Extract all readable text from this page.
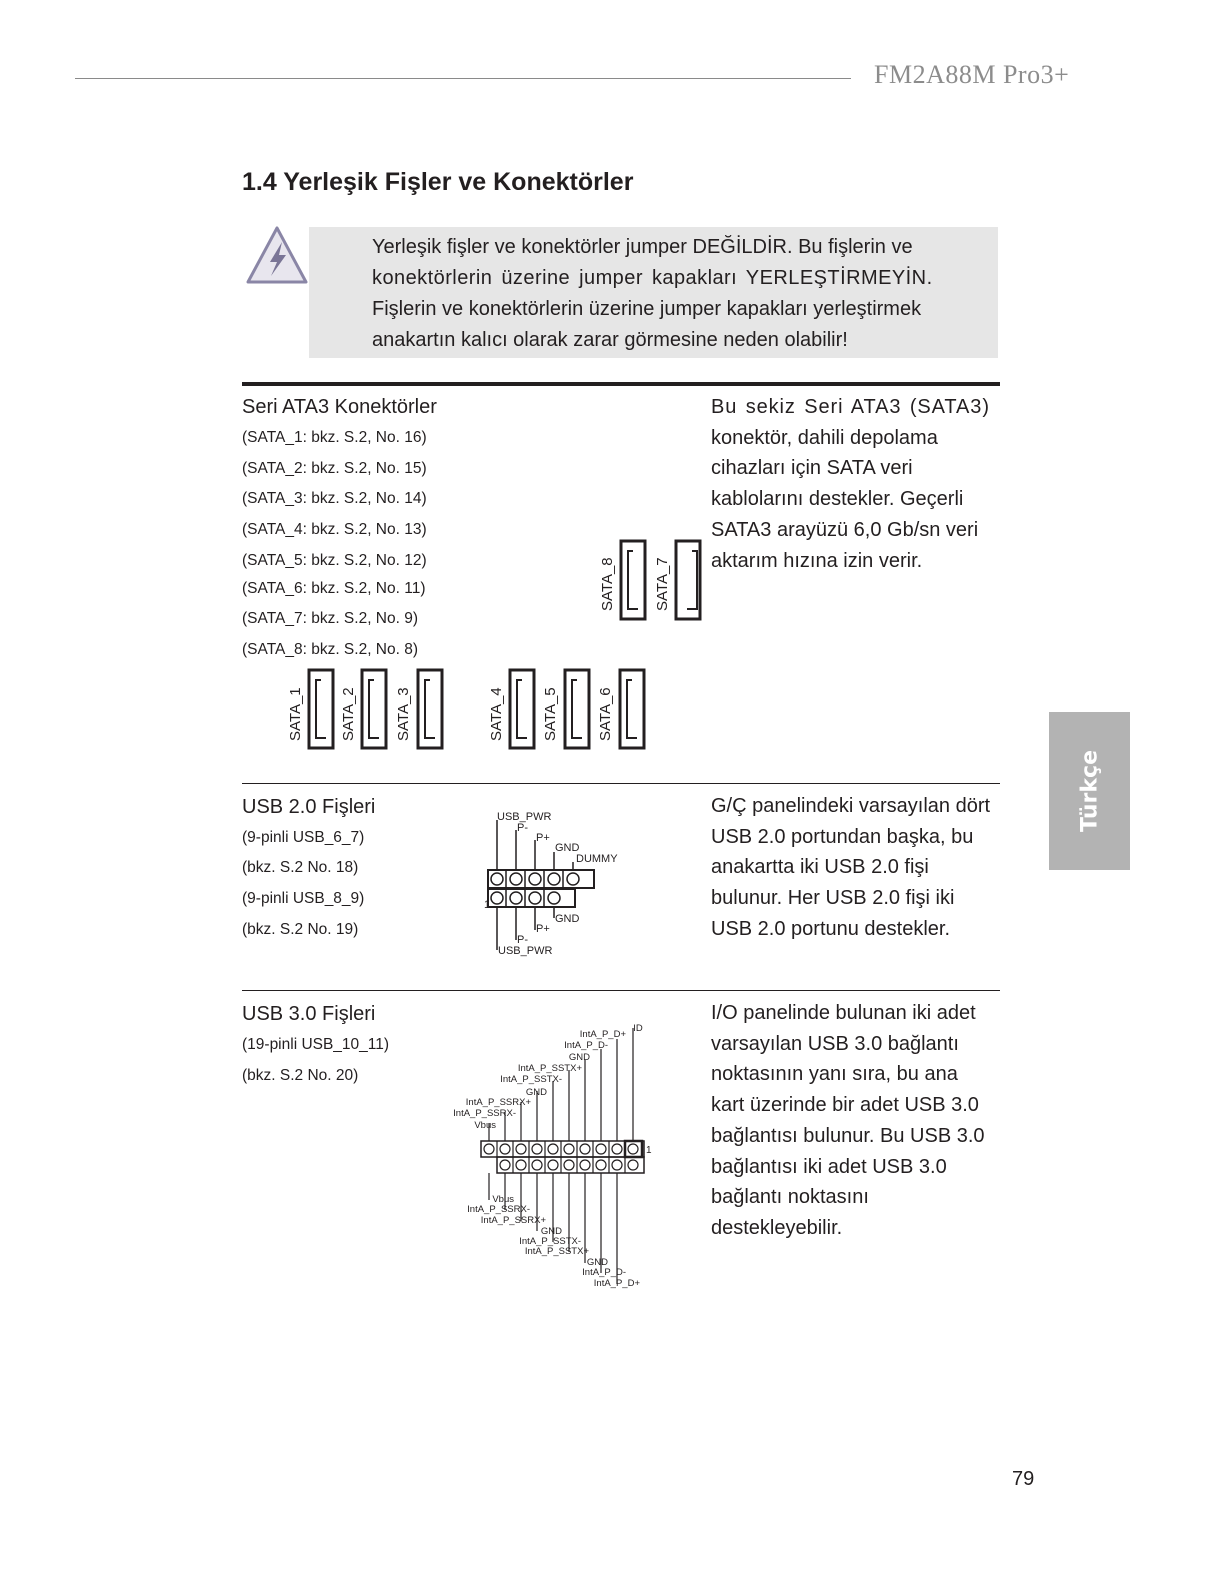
FM2A88M Pro3+
1.4 Yerleşik Fişler ve Konektörler
Yerleşik fişler ve konektörler jumper DEĞİLDİR. Bu fişlerin ve
konektörlerin üzerine jumper kapakları YERLEŞTİRMEYİN.
Fişlerin ve konektörlerin üzerine jumper kapakları yerleştirmek
anakartın kalıcı olarak zarar görmesine neden olabilir!
Seri ATA3 Konektörler
(SATA_1: bkz. S.2, No. 16)
(SATA_2: bkz. S.2, No. 15)
(SATA_3: bkz. S.2, No. 14)
(SATA_4: bkz. S.2, No. 13)
(SATA_5: bkz. S.2, No. 12)
(SATA_6: bkz. S.2, No. 11)
(SATA_7: bkz. S.2, No. 9)
(SATA_8: bkz. S.2, No. 8)
SATA_1 SATA_2	SATA_3	SATA_4 SATA_5	SATA_6
SATA_8	SATA_7
Bu sekiz Seri ATA3 (SATA3)
konektör, dahili depolama
cihazları için SATA veri
kablolarını destekler. Geçerli
SATA3 arayüzü 6,0 Gb/sn veri
aktarım hızına izin verir.
USB 2.0 Fişleri
(9-pinli USB_6_7)
(bkz. S.2 No. 18)
(9-pinli USB_8_9)
(bkz. S.2 No. 19)
USB_PWR
P-
P+
GND
DUMMY
1
GND
P+
P-
USB_PWR
G/Ç panelindeki varsayılan dört
USB 2.0 portundan başka, bu
anakartta iki USB 2.0 fişi
bulunur. Her USB 2.0 fişi iki
USB 2.0 portunu destekler.
USB 3.0 Fişleri
(19-pinli USB_10_11)
(bkz. S.2 No. 20)
ID
IntA_P_D+
IntA_P_D-
GND
IntA_P_SSTX+
IntA_P_SSTX-
GND
IntA_P_SSRX+
IntA_P_SSRX-
Vbus
1
Vbus
IntA_P_SSRX-
IntA_P_SSRX+
GND
IntA_P_SSTX-
IntA_P_SSTX+
GND
IntA_P_D-
IntA_P_D+
I/O panelinde bulunan iki adet
varsayılan USB 3.0 bağlantı
noktasının yanı sıra, bu ana
kart üzerinde bir adet USB 3.0
bağlantısı bulunur. Bu USB 3.0
bağlantısı iki adet USB 3.0
bağlantı noktasını
destekleyebilir.
Türkçe
79
